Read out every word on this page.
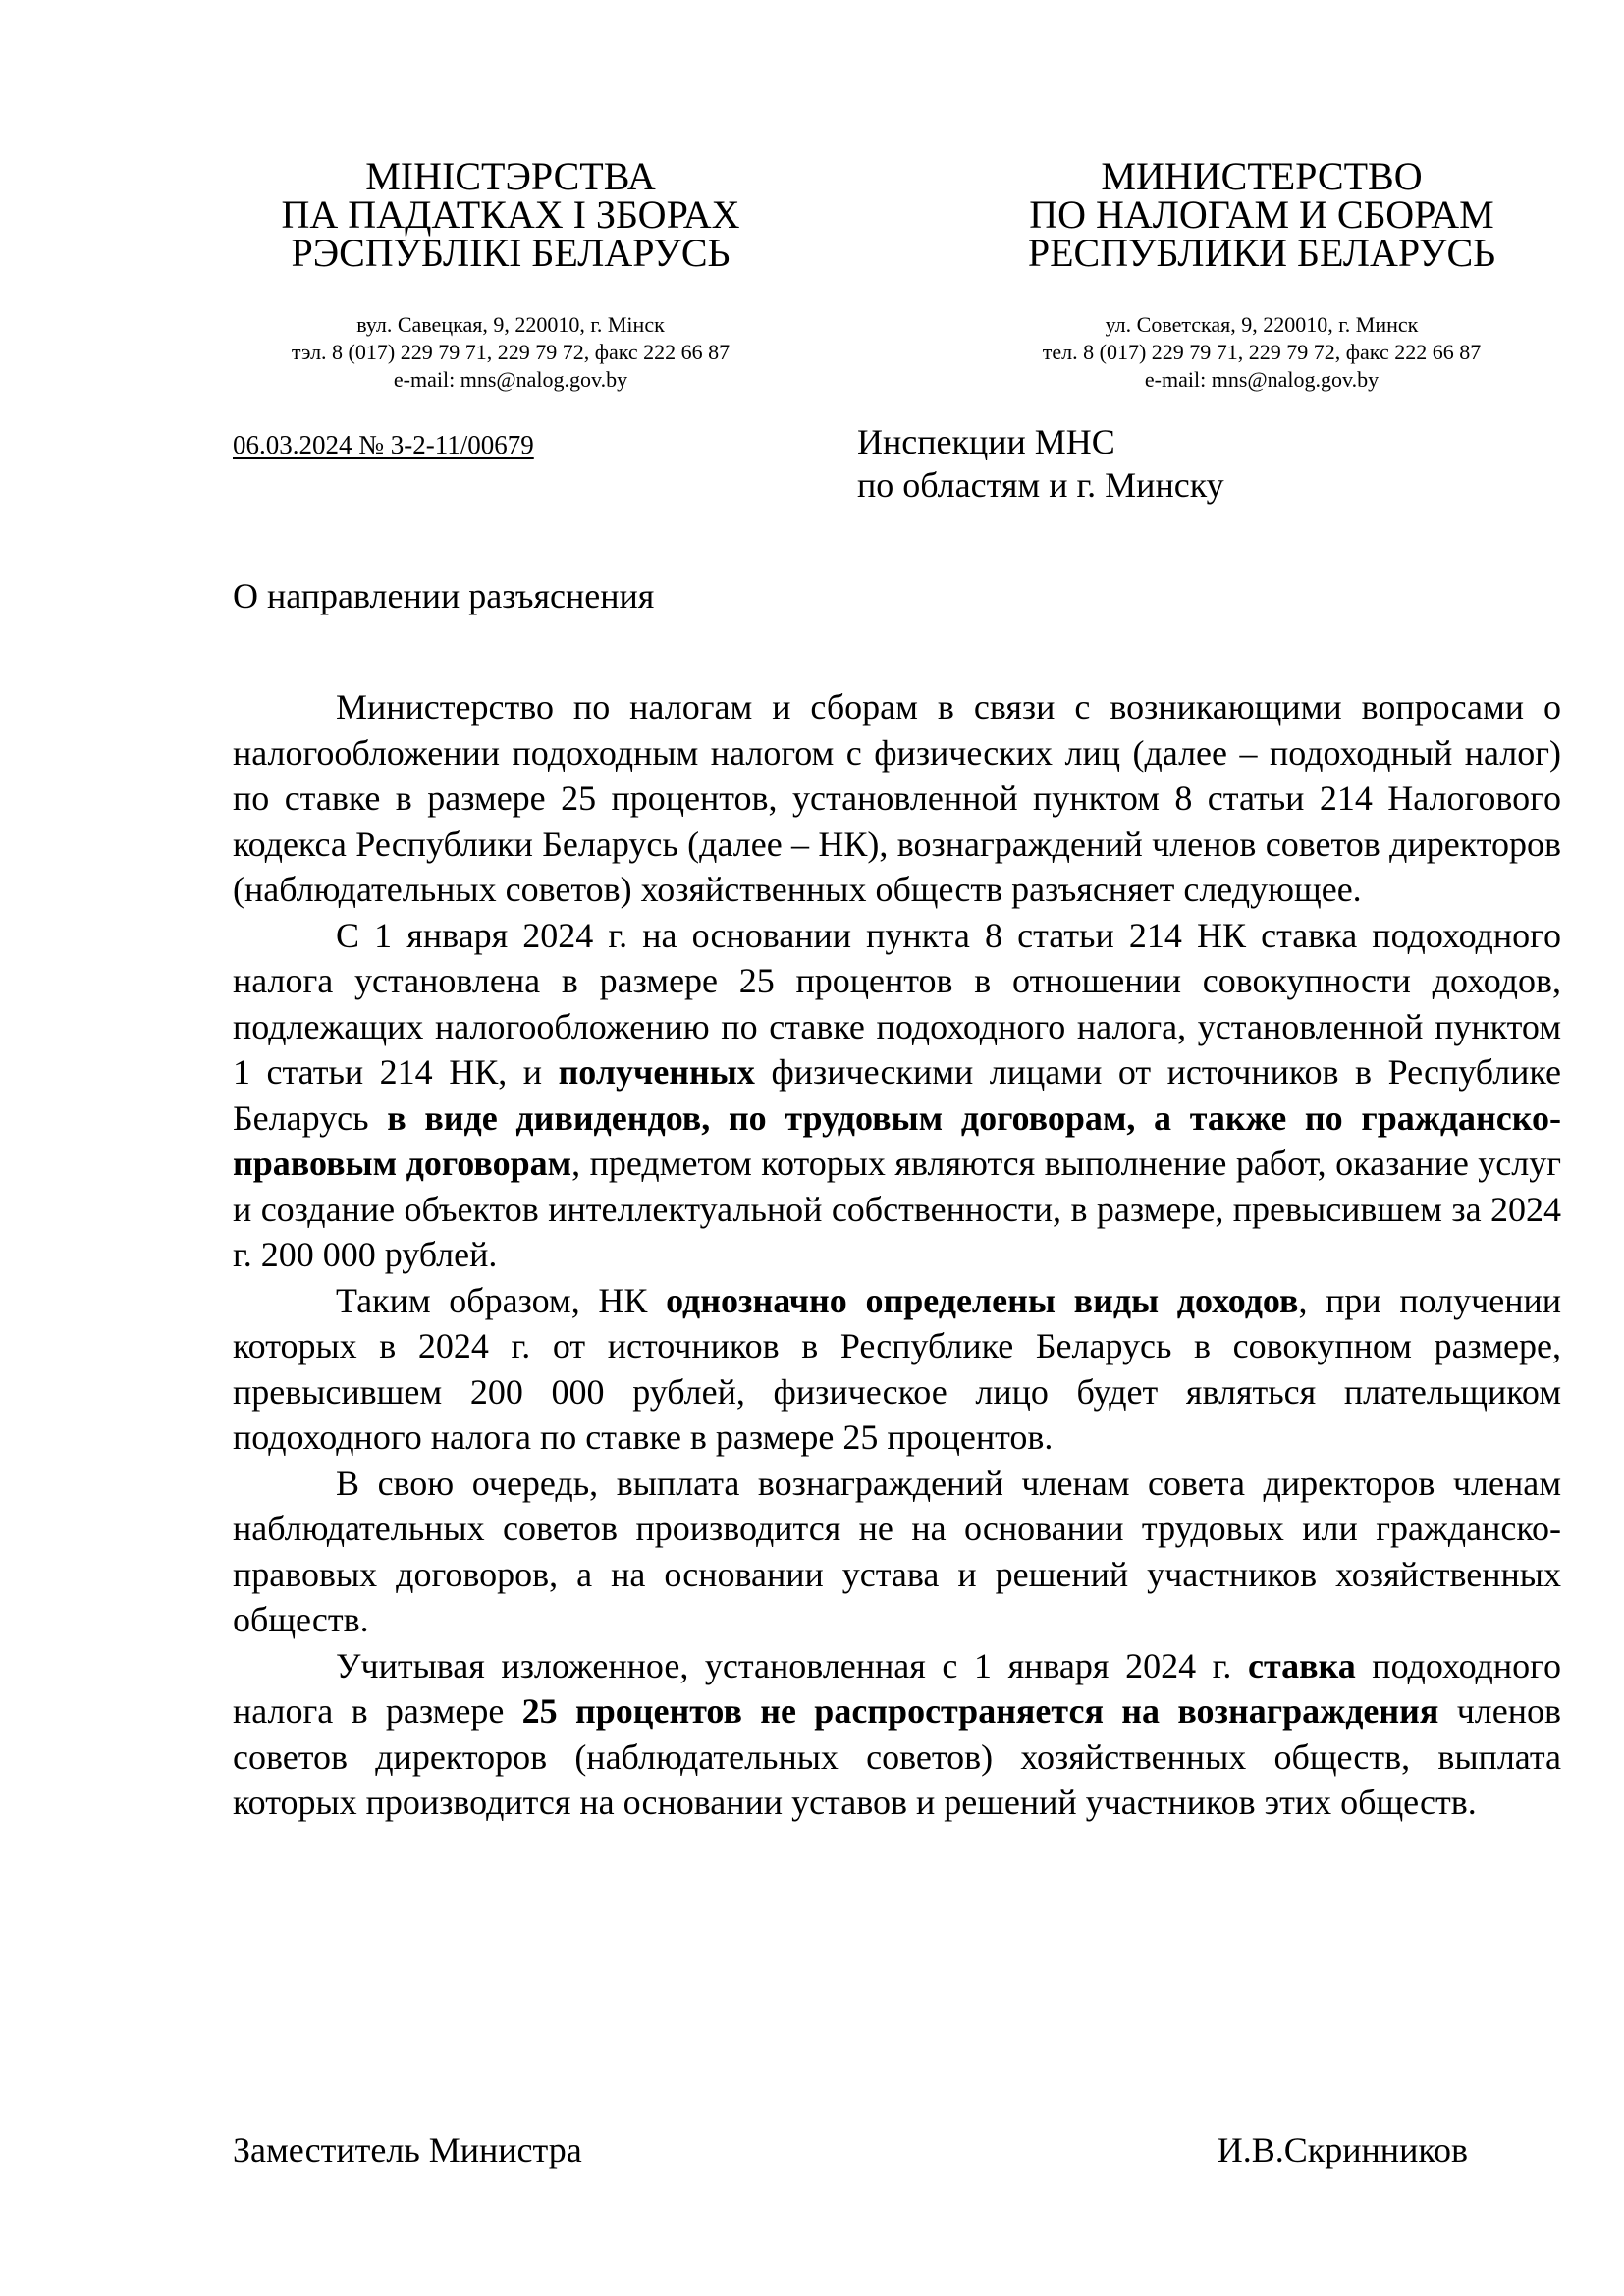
МІНІСТЭРСТВА
ПА ПАДАТКАХ І ЗБОРАХ
РЭСПУБЛІКІ БЕЛАРУСЬ
вул. Савецкая, 9, 220010, г. Мінск
тэл. 8 (017) 229 79 71, 229 79 72, факс 222 66 87
e-mail: mns@nalog.gov.by
МИНИСТЕРСТВО
ПО НАЛОГАМ И СБОРАМ
РЕСПУБЛИКИ БЕЛАРУСЬ
ул. Советская, 9, 220010, г. Минск
тел. 8 (017) 229 79 71, 229 79 72, факс 222 66 87
e-mail: mns@nalog.gov.by
06.03.2024 № 3-2-11/00679	Инспекции МНС
по областям и г. Минску
О направлении разъяснения

Министерство по налогам и сборам в связи с возникающими вопросами о налогообложении подоходным налогом с физических лиц (далее – подоходный налог) по ставке в размере 25 процентов, установленной пунктом 8 статьи 214 Налогового кодекса Республики Беларусь (далее – НК), вознаграждений членов советов директоров (наблюдательных советов) хозяйственных обществ разъясняет следующее.

С 1 января 2024 г. на основании пункта 8 статьи 214 НК ставка подоходного налога установлена в размере 25 процентов в отношении совокупности доходов, подлежащих налогообложению по ставке подоходного налога, установленной пунктом 1 статьи 214 НК, и полученных физическими лицами от источников в Республике Беларусь в виде дивидендов, по трудовым договорам, а также по гражданско-правовым договорам, предметом которых являются выполнение работ, оказание услуг и создание объектов интеллектуальной собственности, в размере, превысившем за 2024 г. 200 000 рублей.

Таким образом, НК однозначно определены виды доходов, при получении которых в 2024 г. от источников в Республике Беларусь в совокупном размере, превысившем 200 000 рублей, физическое лицо будет являться плательщиком подоходного налога по ставке в размере 25 процентов.

В свою очередь, выплата вознаграждений членам совета директоров членам наблюдательных советов производится не на основании трудовых или гражданско-правовых договоров, а на основании устава и решений участников хозяйственных обществ.

Учитывая изложенное, установленная с 1 января 2024 г. ставка подоходного налога в размере 25 процентов не распространяется на вознаграждения членов советов директоров (наблюдательных советов) хозяйственных обществ, выплата которых производится на основании уставов и решений участников этих обществ.

Заместитель Министра	И.В.Скринников
